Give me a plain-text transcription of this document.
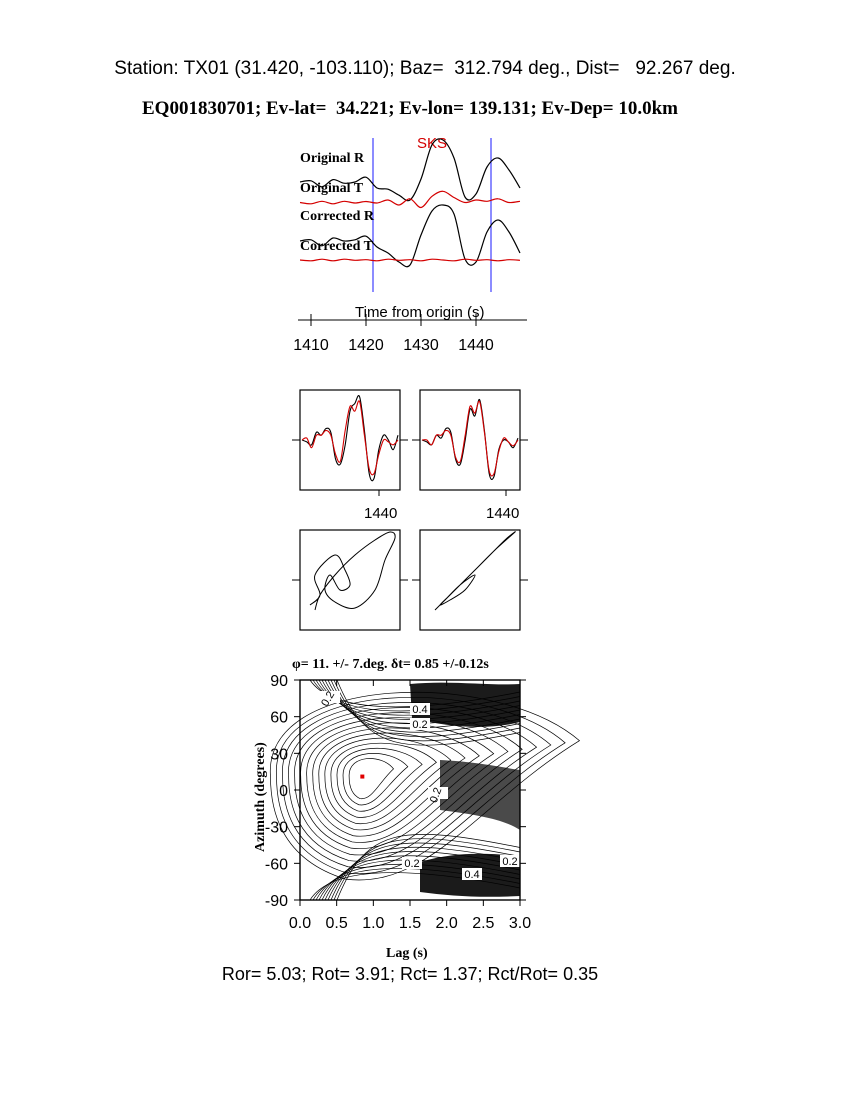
Station: TX01 (31.420, -103.110); Baz=  312.794 deg., Dist=   92.267 deg.
EQ001830701; Ev-lat=  34.221; Ev-lon= 139.131; Ev-Dep= 10.0km
SKS
Original R
Original T
Corrected R
Corrected T
Time from origin (s)
1410 1420 1430 1440
1440	1440
φ= 11. +/- 7.deg. δt= 0.85 +/-0.12s
0.2
0.4
0.2
0.2
0.2	0.2
0.4
0.0 0.5 1.0 1.5 2.0 2.5 3.0
90
60
30
0
-30
-60
-90
Lag (s)
Azimuth (degrees)
Ror= 5.03; Rot= 3.91; Rct= 1.37; Rct/Rot= 0.35
